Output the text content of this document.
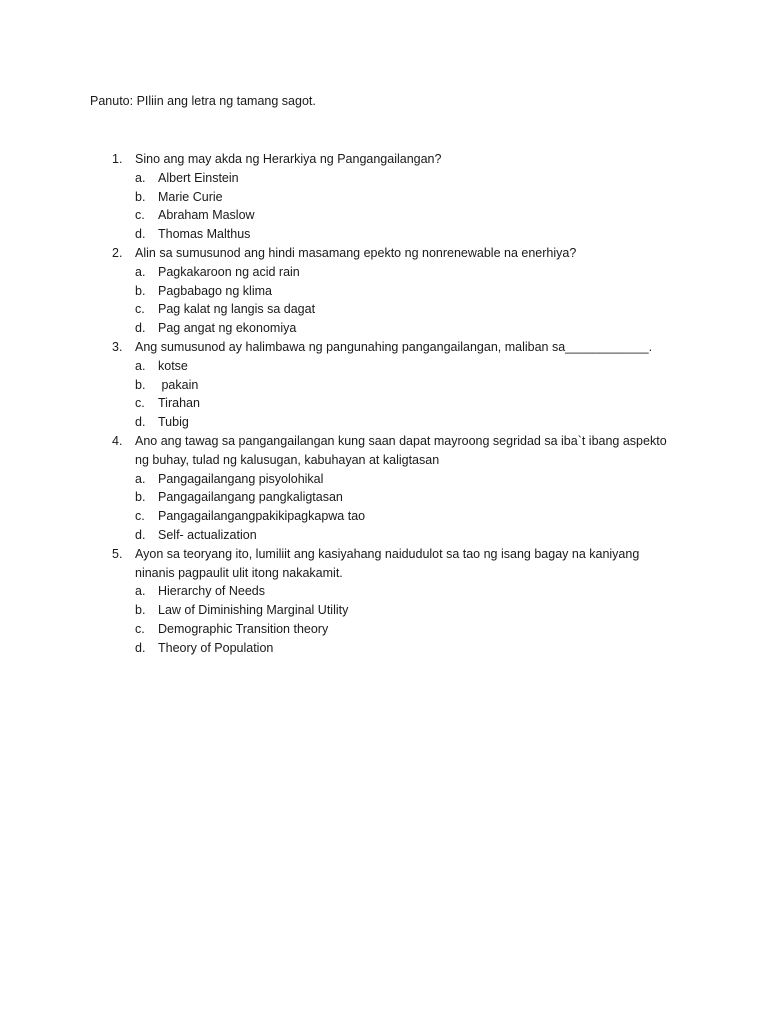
Panuto: PIliin ang letra ng tamang sagot.
1.	Sino ang may akda ng Herarkiya ng Pangangailangan?
a.	Albert Einstein
b.	Marie Curie
c.	Abraham Maslow
d.	Thomas Malthus
2.	Alin sa sumusunod ang hindi masamang epekto ng nonrenewable na enerhiya?
a.	Pagkakaroon ng acid rain
b.	Pagbabago ng klima
c.	Pag kalat ng langis sa dagat
d.	Pag angat ng ekonomiya
3.	Ang sumusunod ay halimbawa ng pangunahing pangangailangan, maliban sa____________.
a.	kotse
b.	pakain
c.	Tirahan
d.	Tubig
4.	Ano ang tawag sa pangangailangan kung saan dapat mayroong segridad sa iba`t ibang aspekto ng buhay, tulad ng kalusugan, kabuhayan at kaligtasan
a.	Pangagailangang pisyolohikal
b.	Pangagailangang pangkaligtasan
c.	Pangagailangangpakikipagkapwa tao
d.	Self- actualization
5.	Ayon sa teoryang ito, lumiliit ang kasiyahang naidudulot sa tao ng isang bagay na kaniyang ninanis pagpaulit ulit itong nakakamit.
a.	Hierarchy of Needs
b.	Law of Diminishing Marginal Utility
c.	Demographic Transition theory
d.	Theory of Population
